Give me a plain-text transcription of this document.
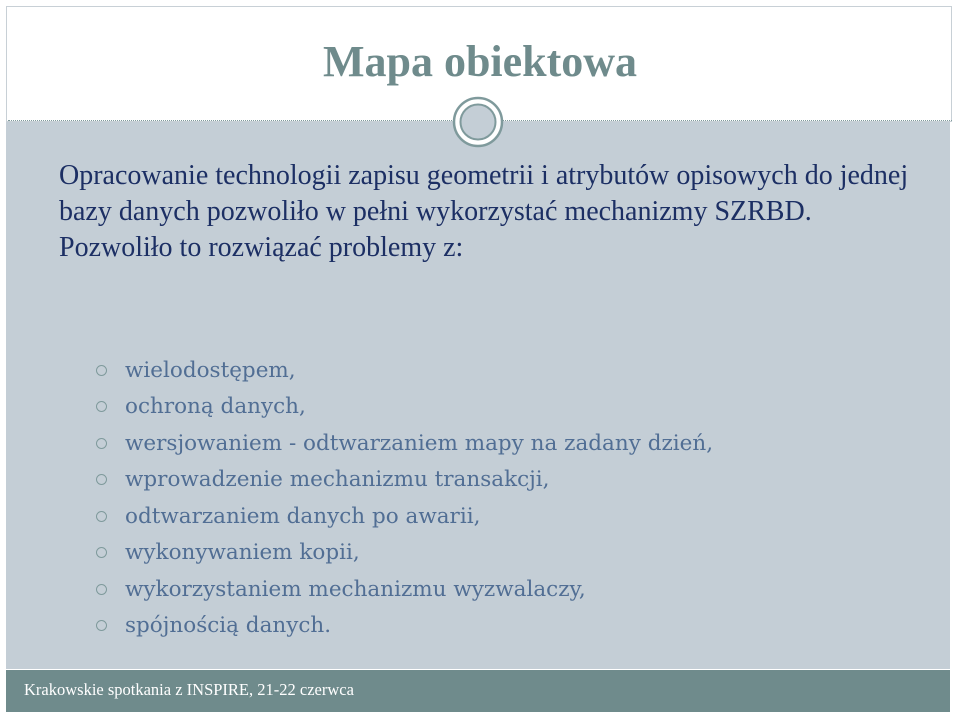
Mapa obiektowa

Opracowanie technologii zapisu geometrii i atrybutów opisowych do jednej bazy danych pozwoliło w pełni wykorzystać mechanizmy SZRBD. Pozwoliło to rozwiązać problemy z:

wielodostępem,
ochroną danych,
wersjowaniem - odtwarzaniem mapy na zadany dzień,
wprowadzenie mechanizmu transakcji,
odtwarzaniem danych po awarii,
wykonywaniem kopii,
wykorzystaniem mechanizmu wyzwalaczy,
spójnością danych.
Krakowskie spotkania z INSPIRE, 21-22 czerwca
